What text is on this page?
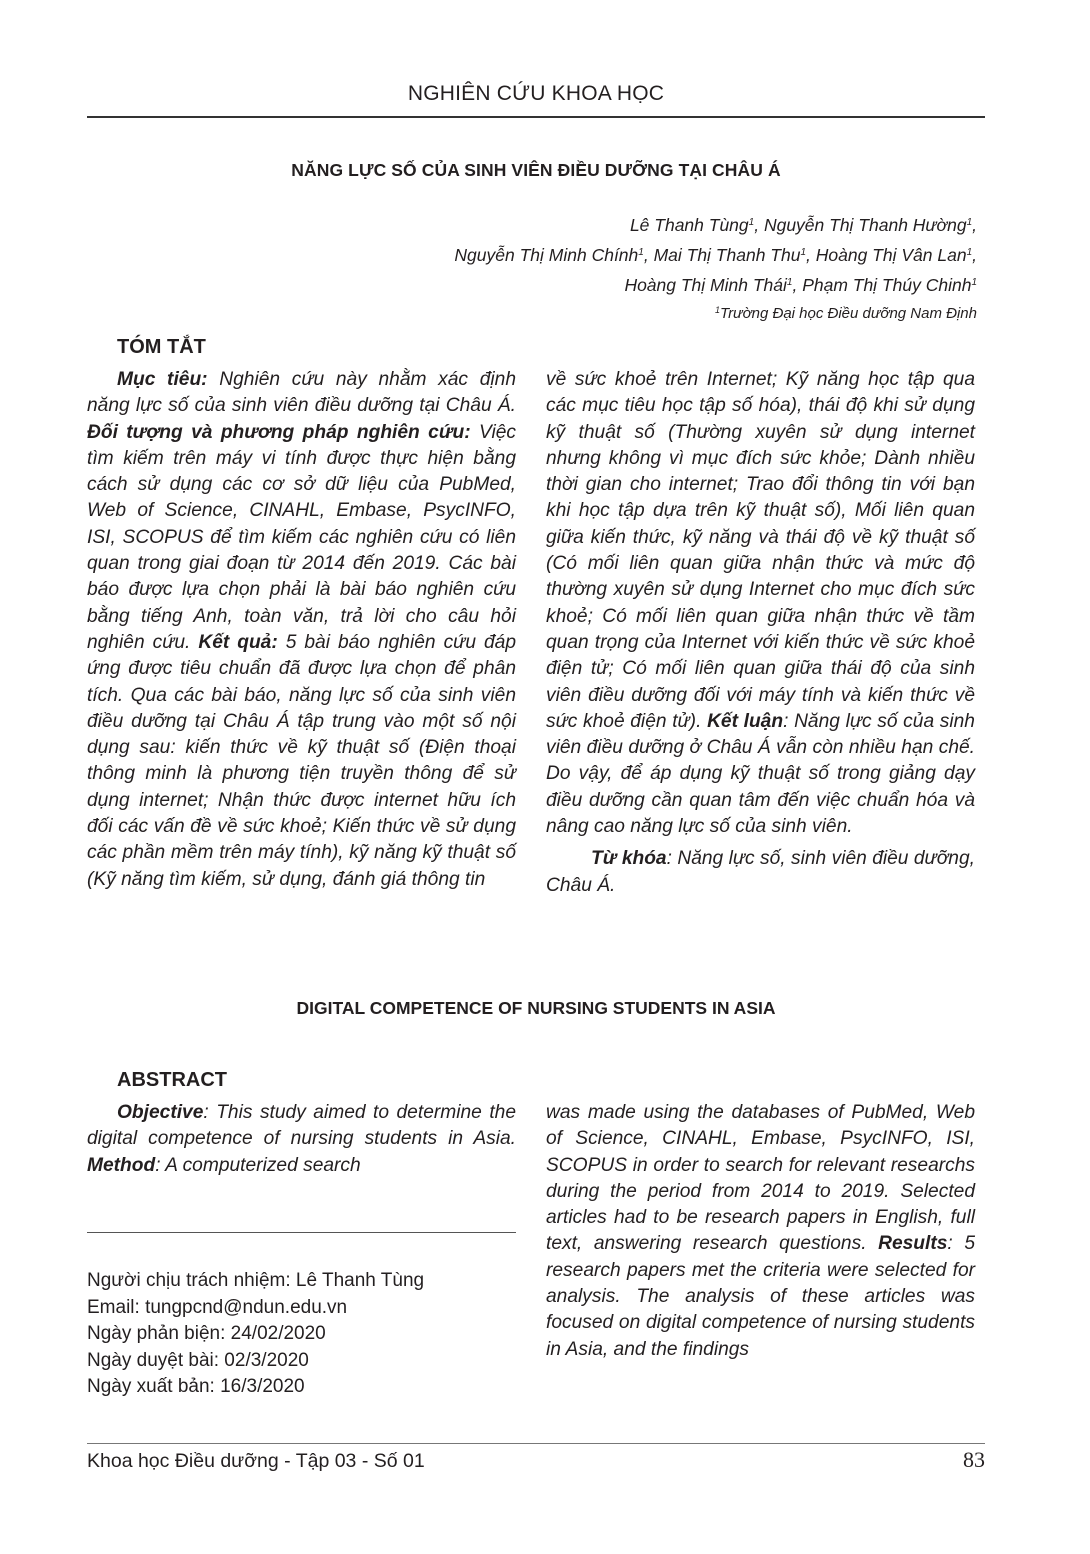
NGHIÊN CỨU KHOA HỌC
NĂNG LỰC SỐ CỦA SINH VIÊN ĐIỀU DƯỠNG TẠI CHÂU Á
Lê Thanh Tùng$^1$, Nguyễn Thị Thanh Hường$^1$,
Nguyễn Thị Minh Chính$^1$, Mai Thị Thanh Thu$^1$, Hoàng Thị Vân Lan$^1$,
Hoàng Thị Minh Thái$^1$, Phạm Thị Thúy Chinh$^1$
$^1$Trường Đại học Điều dưỡng Nam Định
TÓM TẮT

Mục tiêu: Nghiên cứu này nhằm xác định năng lực số của sinh viên điều dưỡng tại Châu Á. Đối tượng và phương pháp nghiên cứu: Việc tìm kiếm trên máy vi tính được thực hiện bằng cách sử dụng các cơ sở dữ liệu của PubMed, Web of Science, CINAHL, Embase, PsycINFO, ISI, SCOPUS để tìm kiếm các nghiên cứu có liên quan trong giai đoạn từ 2014 đến 2019. Các bài báo được lựa chọn phải là bài báo nghiên cứu bằng tiếng Anh, toàn văn, trả lời cho câu hỏi nghiên cứu. Kết quả: 5 bài báo nghiên cứu đáp ứng được tiêu chuẩn đã được lựa chọn để phân tích. Qua các bài báo, năng lực số của sinh viên điều dưỡng tại Châu Á tập trung vào một số nội dụng sau: kiến thức về kỹ thuật số (Điện thoại thông minh là phương tiện truyền thông để sử dụng internet; Nhận thức được internet hữu ích đối các vấn đề về sức khoẻ; Kiến thức về sử dụng các phần mềm trên máy tính), kỹ năng kỹ thuật số (Kỹ năng tìm kiếm, sử dụng, đánh giá thông tin

về sức khoẻ trên Internet; Kỹ năng học tập qua các mục tiêu học tập số hóa), thái độ khi sử dụng kỹ thuật số (Thường xuyên sử dụng internet nhưng không vì mục đích sức khỏe; Dành nhiều thời gian cho internet; Trao đổi thông tin với bạn khi học tập dựa trên kỹ thuật số), Mối liên quan giữa kiến thức, kỹ năng và thái độ về kỹ thuật số (Có mối liên quan giữa nhận thức và mức độ thường xuyên sử dụng Internet cho mục đích sức khoẻ; Có mối liên quan giữa nhận thức về tầm quan trọng của Internet với kiến thức về sức khoẻ điện tử; Có mối liên quan giữa thái độ của sinh viên điều dưỡng đối với máy tính và kiến thức về sức khoẻ điện tử). Kết luận: Năng lực số của sinh viên điều dưỡng ở Châu Á vẫn còn nhiều hạn chế. Do vậy, để áp dụng kỹ thuật số trong giảng dạy điều dưỡng cần quan tâm đến việc chuẩn hóa và nâng cao năng lực số của sinh viên.

Từ khóa: Năng lực số, sinh viên điều dưỡng, Châu Á.

DIGITAL COMPETENCE OF NURSING STUDENTS IN ASIA
ABSTRACT

Objective: This study aimed to determine the digital competence of nursing students in Asia. Method: A computerized search

was made using the databases of PubMed, Web of Science, CINAHL, Embase, PsycINFO, ISI, SCOPUS in order to search for relevant researchs during the period from 2014 to 2019. Selected articles had to be research papers in English, full text, answering research questions. Results: 5 research papers met the criteria were selected for analysis. The analysis of these articles was focused on digital competence of nursing students in Asia, and the findings

Người chịu trách nhiệm: Lê Thanh Tùng
Email: tungpcnd@ndun.edu.vn
Ngày phản biện: 24/02/2020
Ngày duyệt bài: 02/3/2020
Ngày xuất bản: 16/3/2020
Khoa học Điều dưỡng - Tập 03 - Số 01	83
